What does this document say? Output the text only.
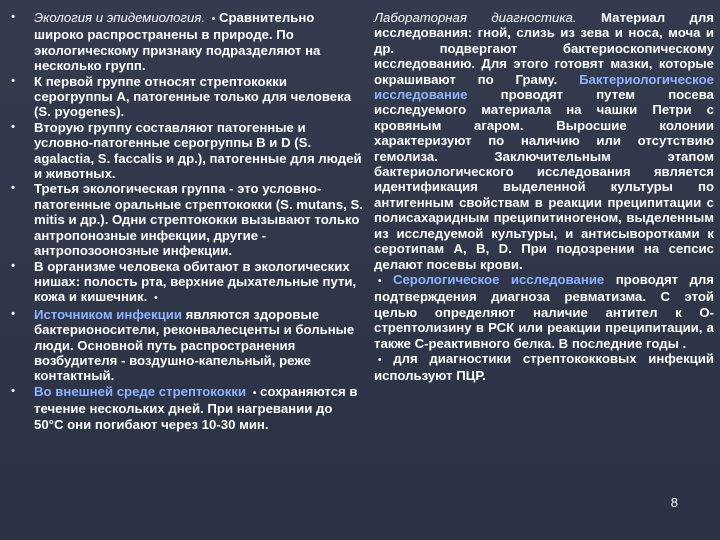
• Экология и эпидемиология. • Сравнительно широко распространены в природе. По экологическому признаку подразделяют на несколько групп.

• К первой группе относят стрептококки серогруппы А, патогенные только для человека (S. pyogenes).

• Вторую группу составляют патогенные и условно-патогенные серогруппы В и D (S. agalactia, S. faccalis и др.), патогенные для людей и животных.

• Третья экологическая группа - это условно-патогенные оральные стрептококки (S. mutans, S. mitis и др.). Одни стрептококки вызывают только антропонозные инфекции, другие - антропозоонозные инфекции.

• В организме человека обитают в экологических нишах: полость рта, верхние дыхательные пути, кожа и кишечник. •

• Источником инфекции являются здоровые бактерионосители, реконвалесценты и больные люди. Основной путь распространения возбудителя - воздушно-капельный, реже контактный.

• Во внешней среде стрептококки • сохраняются в течение нескольких дней. При нагревании до 50°С они погибают через 10-30 мин.

Лабораторная диагностика. Материал для исследования: гной, слизь из зева и носа, моча и др. подвергают бактериоскопическому исследованию. Для этого готовят мазки, которые окрашивают по Граму. Бактериологическое исследование проводят путем посева исследуемого материала на чашки Петри с кровяным агаром. Выросшие колонии характеризуют по наличию или отсутствию гемолиза. Заключительным этапом бактериологического исследования является идентификация выделенной культуры по антигенным свойствам в реакции преципитации с полисахаридным преципитиногеном, выделенным из исследуемой культуры, и антисыворотками к серотипам А, В, D. При подозрении на сепсис делают посевы крови.

• Серологическое исследование проводят для подтверждения диагноза ревматизма. С этой целью определяют наличие антител к О-стрептолизину в РСК или реакции преципитации, а также С-реактивного белка. В последние годы .

• для диагностики стрептококковых инфекций используют ПЦР.

8
